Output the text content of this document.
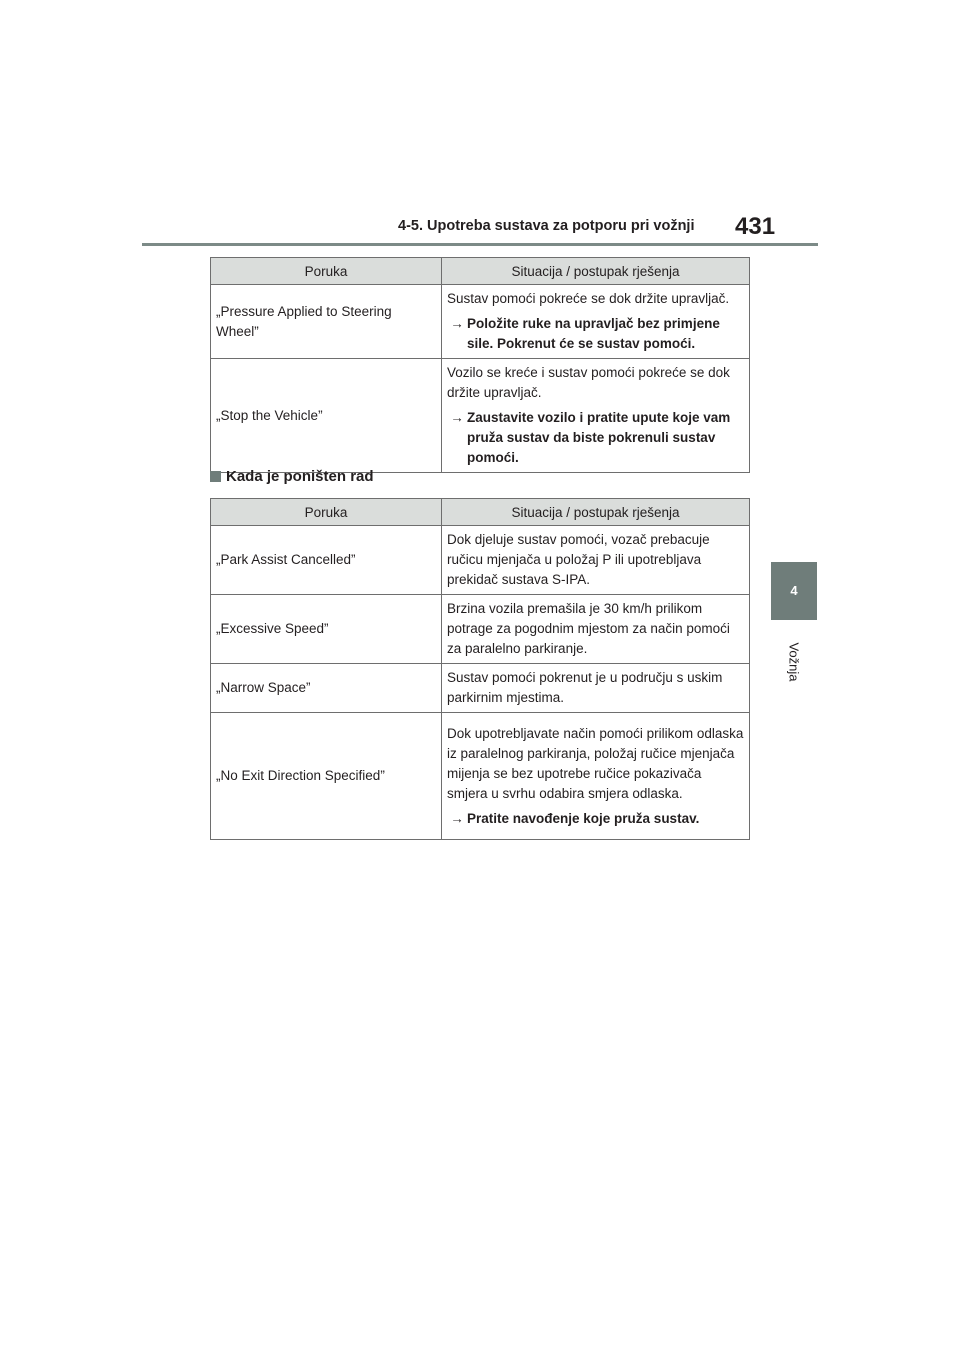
4-5. Upotreba sustava za potporu pri vožnji 431
4
Vožnja
Poruka	Situacija / postupak rješenja
„Pressure Applied to Steering Wheel”	Sustav pomoći pokreće se dok držite upravljač.
→ Položite ruke na upravljač bez primjene sile. Pokrenut će se sustav pomoći.

„Stop the Vehicle”	Vozilo se kreće i sustav pomoći pokreće se dok držite upravljač.
→ Zaustavite vozilo i pratite upute koje vam pruža sustav da biste pokrenuli sustav pomoći.
Kada je poništen rad
Poruka	Situacija / postupak rješenja
„Park Assist Cancelled”	Dok djeluje sustav pomoći, vozač prebacuje ručicu mjenjača u položaj P ili upotrebljava prekidač sustava S-IPA.
„Excessive Speed”	Brzina vozila premašila je 30 km/h prilikom potrage za pogodnim mjestom za način pomoći za paralelno parkiranje.
„Narrow Space”	Sustav pomoći pokrenut je u području s uskim parkirnim mjestima.
„No Exit Direction Specified”	Dok upotrebljavate način pomoći prilikom odlaska iz paralelnog parkiranja, položaj ručice mjenjača mijenja se bez upotrebe ručice pokazivača smjera u svrhu odabira smjera odlaska.
→ Pratite navođenje koje pruža sustav.
